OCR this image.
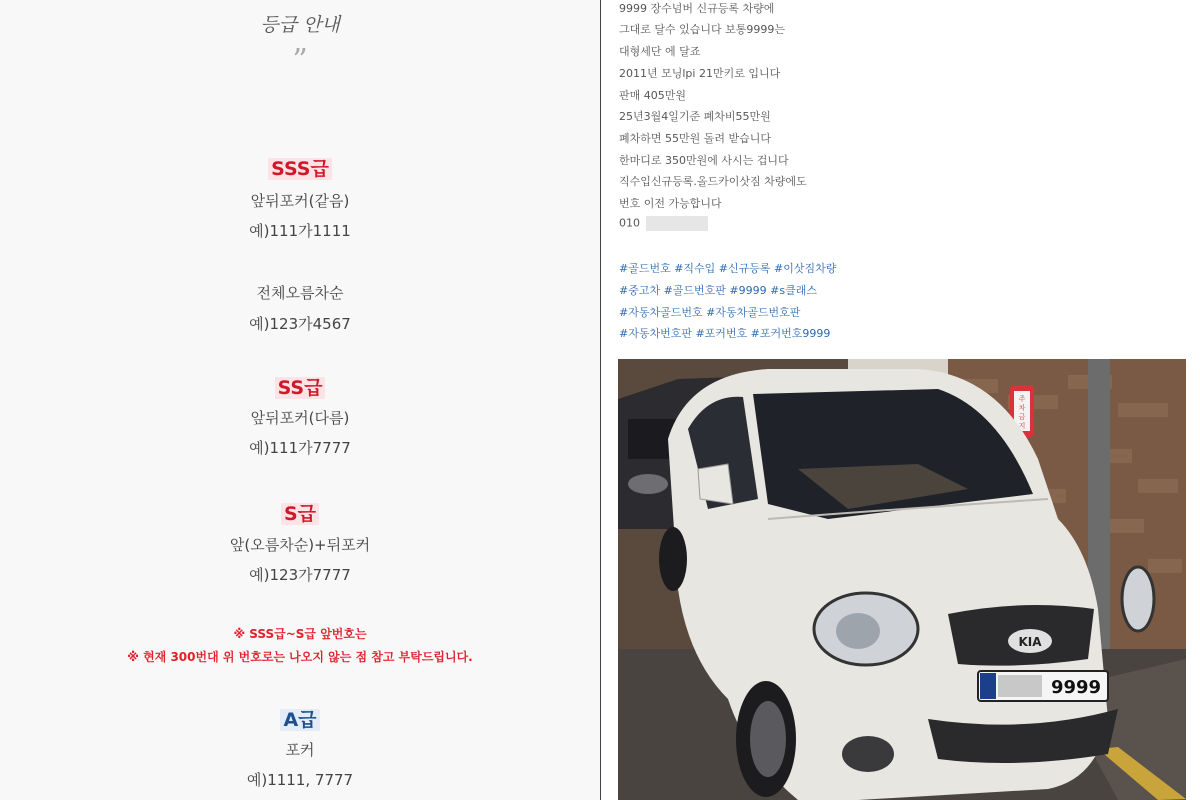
등급 안내
”
SSS급
앞뒤포커(같음)
예)111가1111
전체오름차순
예)123가4567
SS급
앞뒤포커(다름)
예)111가7777
S급
앞(오름차순)+뒤포커
예)123가7777
※ SSS급~S급 앞번호는
※ 현재 300번대 위 번호로는 나오지 않는 점 참고 부탁드립니다.
A급
포커
예)1111, 7777
9999 장수넘버 신규등록 차량에
그대로 달수 있습니다 보통9999는
대형세단 에 달죠
2011년 모닝lpi 21만키로 입니다
판매 405만원
25년3월4일기준 폐차비55만원
폐차하면 55만원 돌려 받습니다
한마디로 350만원에 사시는 겁니다
직수입신규등록.올드카이삿짐 차량에도
번호 이전 가능합니다
010
#골드번호 #직수입 #신규등록 #이삿짐차량
#중고차 #골드번호판 #9999 #s클래스
#자동차골드번호 #자동차골드번호판
#자동차번호판 #포커번호 #포커번호9999
주
차
금
지
KIA
9999
